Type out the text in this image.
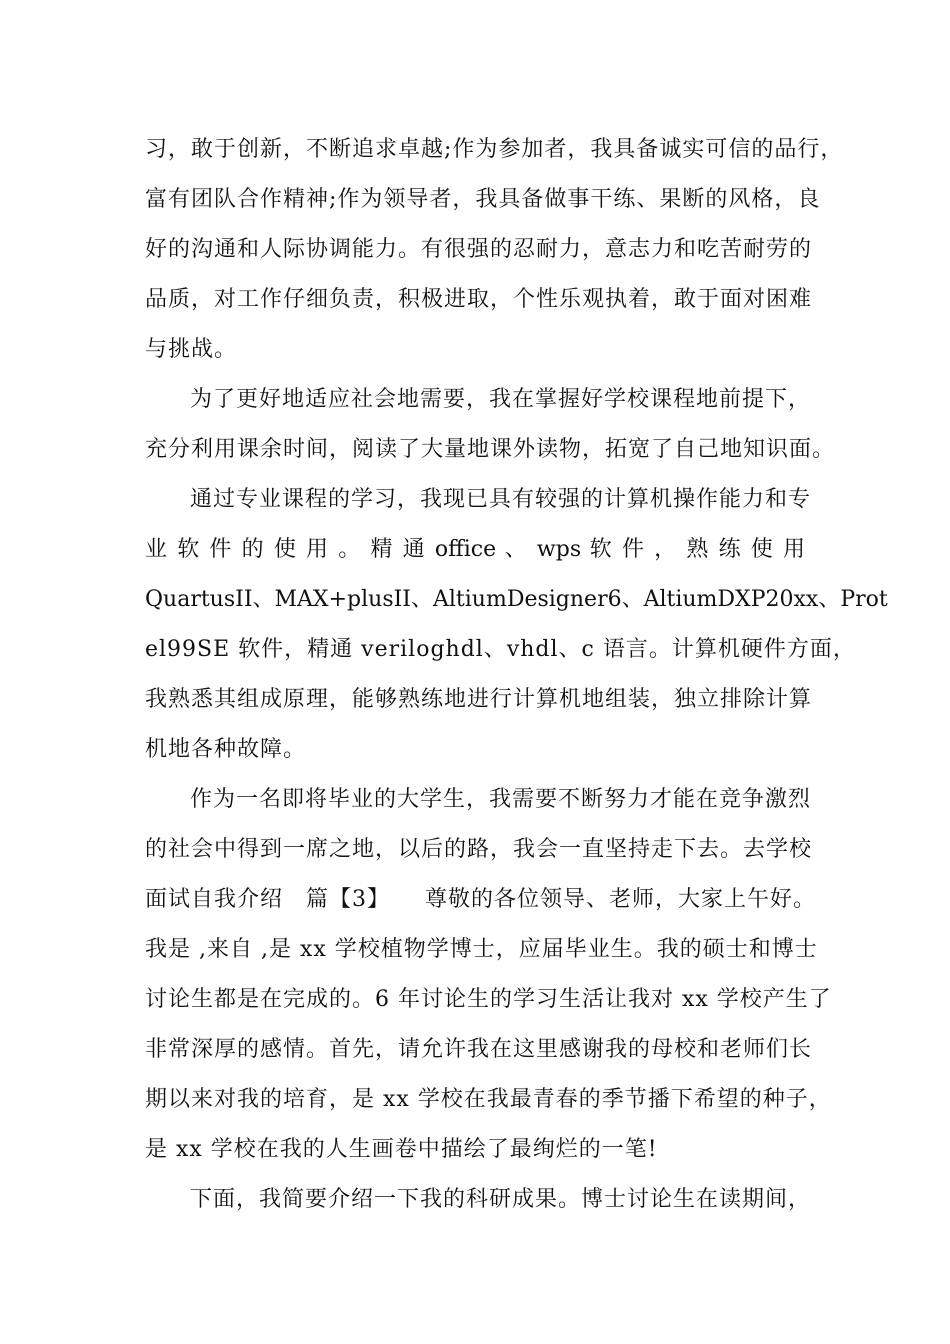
习，敢于创新，不断追求卓越;作为参加者，我具备诚实可信的品行，
富有团队合作精神;作为领导者，我具备做事干练、果断的风格，良
好的沟通和人际协调能力。有很强的忍耐力，意志力和吃苦耐劳的
品质，对工作仔细负责，积极进取，个性乐观执着，敢于面对困难
与挑战。
为了更好地适应社会地需要，我在掌握好学校课程地前提下，
充分利用课余时间，阅读了大量地课外读物，拓宽了自己地知识面。
通过专业课程的学习，我现已具有较强的计算机操作能力和专
业 软 件 的 使 用 。 精 通 office 、 wps 软 件 ， 熟 练 使 用
QuartusII、MAX+plusII、AltiumDesigner6、AltiumDXP20xx、Prot
el99SE 软件，精通 veriloghdl、vhdl、c 语言。计算机硬件方面，
我熟悉其组成原理，能够熟练地进行计算机地组装，独立排除计算
机地各种故障。
作为一名即将毕业的大学生，我需要不断努力才能在竞争激烈
的社会中得到一席之地，以后的路，我会一直坚持走下去。去学校
面试自我介绍　篇【3】　　尊敬的各位领导、老师，大家上午好。
我是 ,来自 ,是 xx 学校植物学博士，应届毕业生。我的硕士和博士
讨论生都是在完成的。6 年讨论生的学习生活让我对 xx 学校产生了
非常深厚的感情。首先，请允许我在这里感谢我的母校和老师们长
期以来对我的培育，是 xx 学校在我最青春的季节播下希望的种子，
是 xx 学校在我的人生画卷中描绘了最绚烂的一笔!
下面，我简要介绍一下我的科研成果。博士讨论生在读期间，
